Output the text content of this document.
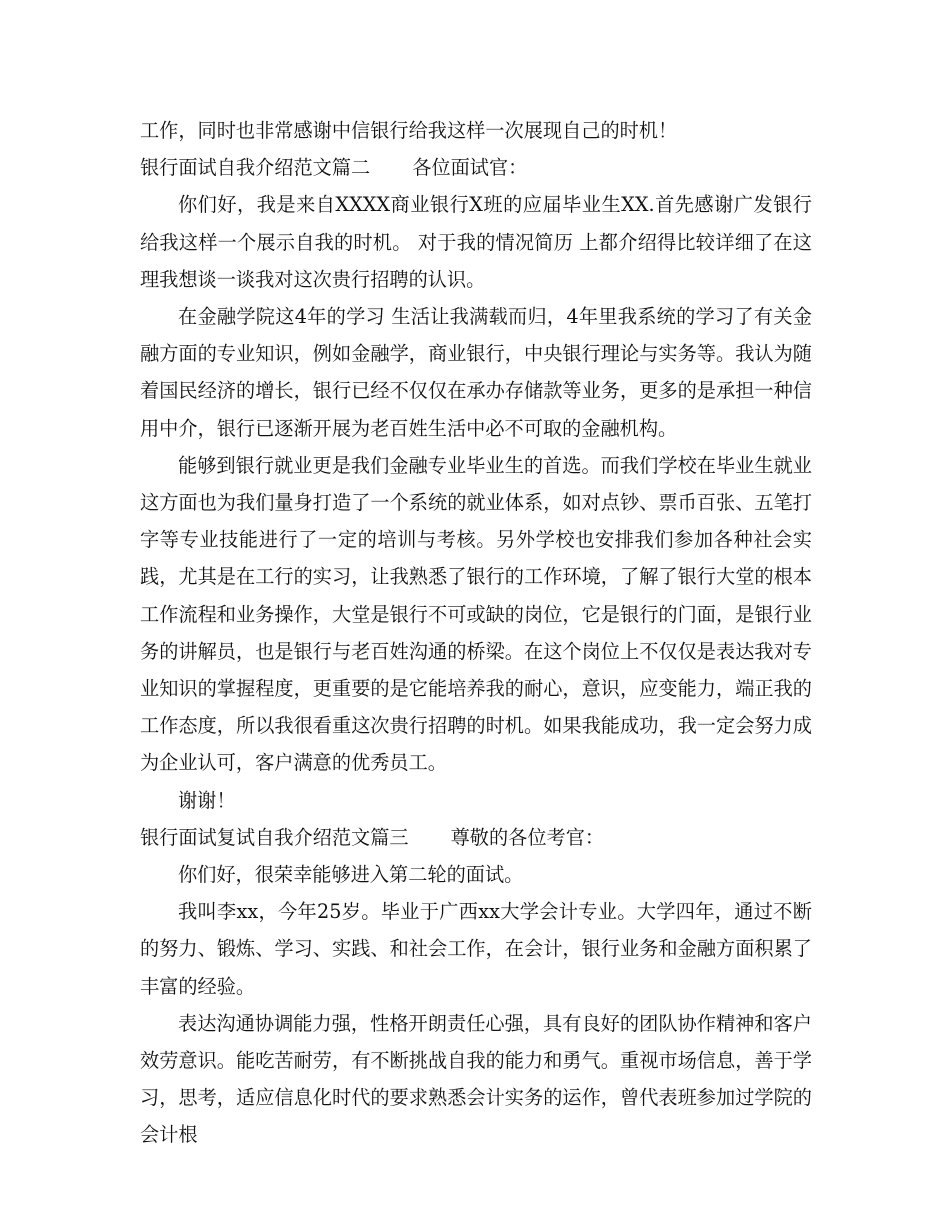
工作，同时也非常感谢中信银行给我这样一次展现自己的时机！

银行面试自我介绍范文篇二 各位面试官：

你们好，我是来自XXXX商业银行X班的应届毕业生XX.首先感谢广发银行给我这样一个展示自我的时机。 对于我的情况简历 上都介绍得比较详细了在这理我想谈一谈我对这次贵行招聘的认识。

在金融学院这4年的学习 生活让我满载而归，4年里我系统的学习了有关金融方面的专业知识，例如金融学，商业银行，中央银行理论与实务等。我认为随着国民经济的增长，银行已经不仅仅在承办存储款等业务，更多的是承担一种信用中介，银行已逐渐开展为老百姓生活中必不可取的金融机构。

能够到银行就业更是我们金融专业毕业生的首选。而我们学校在毕业生就业这方面也为我们量身打造了一个系统的就业体系，如对点钞、票币百张、五笔打字等专业技能进行了一定的培训与考核。另外学校也安排我们参加各种社会实践，尤其是在工行的实习，让我熟悉了银行的工作环境，了解了银行大堂的根本工作流程和业务操作，大堂是银行不可或缺的岗位，它是银行的门面，是银行业务的讲解员，也是银行与老百姓沟通的桥梁。在这个岗位上不仅仅是表达我对专业知识的掌握程度，更重要的是它能培养我的耐心，意识，应变能力，端正我的工作态度，所以我很看重这次贵行招聘的时机。如果我能成功，我一定会努力成为企业认可，客户满意的优秀员工。

谢谢！

银行面试复试自我介绍范文篇三 尊敬的各位考官：

你们好，很荣幸能够进入第二轮的面试。

我叫李xx，今年25岁。毕业于广西xx大学会计专业。大学四年，通过不断的努力、锻炼、学习、实践、和社会工作，在会计，银行业务和金融方面积累了丰富的经验。

表达沟通协调能力强，性格开朗责任心强，具有良好的团队协作精神和客户效劳意识。能吃苦耐劳，有不断挑战自我的能力和勇气。重视市场信息，善于学习，思考，适应信息化时代的要求熟悉会计实务的运作，曾代表班参加过学院的会计根
